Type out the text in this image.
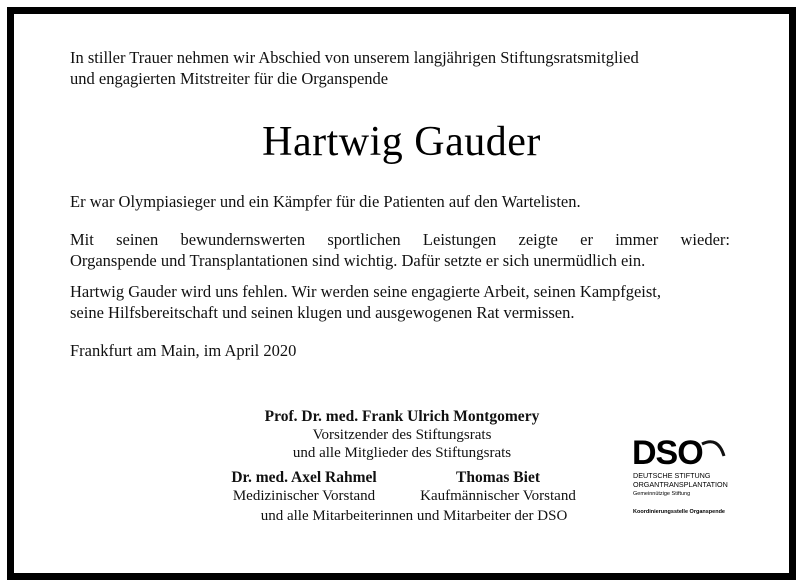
In stiller Trauer nehmen wir Abschied von unserem langjährigen Stiftungsratsmitglied
und engagierten Mitstreiter für die Organspende
Hartwig Gauder
Er war Olympiasieger und ein Kämpfer für die Patienten auf den Wartelisten.
Mit seinen bewundernswerten sportlichen Leistungen zeigte er immer wieder:
Organspende und Transplantationen sind wichtig. Dafür setzte er sich unermüdlich ein.
Hartwig Gauder wird uns fehlen. Wir werden seine engagierte Arbeit, seinen Kampfgeist,
seine Hilfsbereitschaft und seinen klugen und ausgewogenen Rat vermissen.
Frankfurt am Main, im April 2020
Prof. Dr. med. Frank Ulrich Montgomery
Vorsitzender des Stiftungsrats
und alle Mitglieder des Stiftungsrats
Dr. med. Axel Rahmel
Medizinischer Vorstand
Thomas Biet
Kaufmännischer Vorstand
und alle Mitarbeiterinnen und Mitarbeiter der DSO
DSO
DEUTSCHE STIFTUNG
ORGANTRANSPLANTATION
Gemeinnützige Stiftung
Koordinierungsstelle Organspende
